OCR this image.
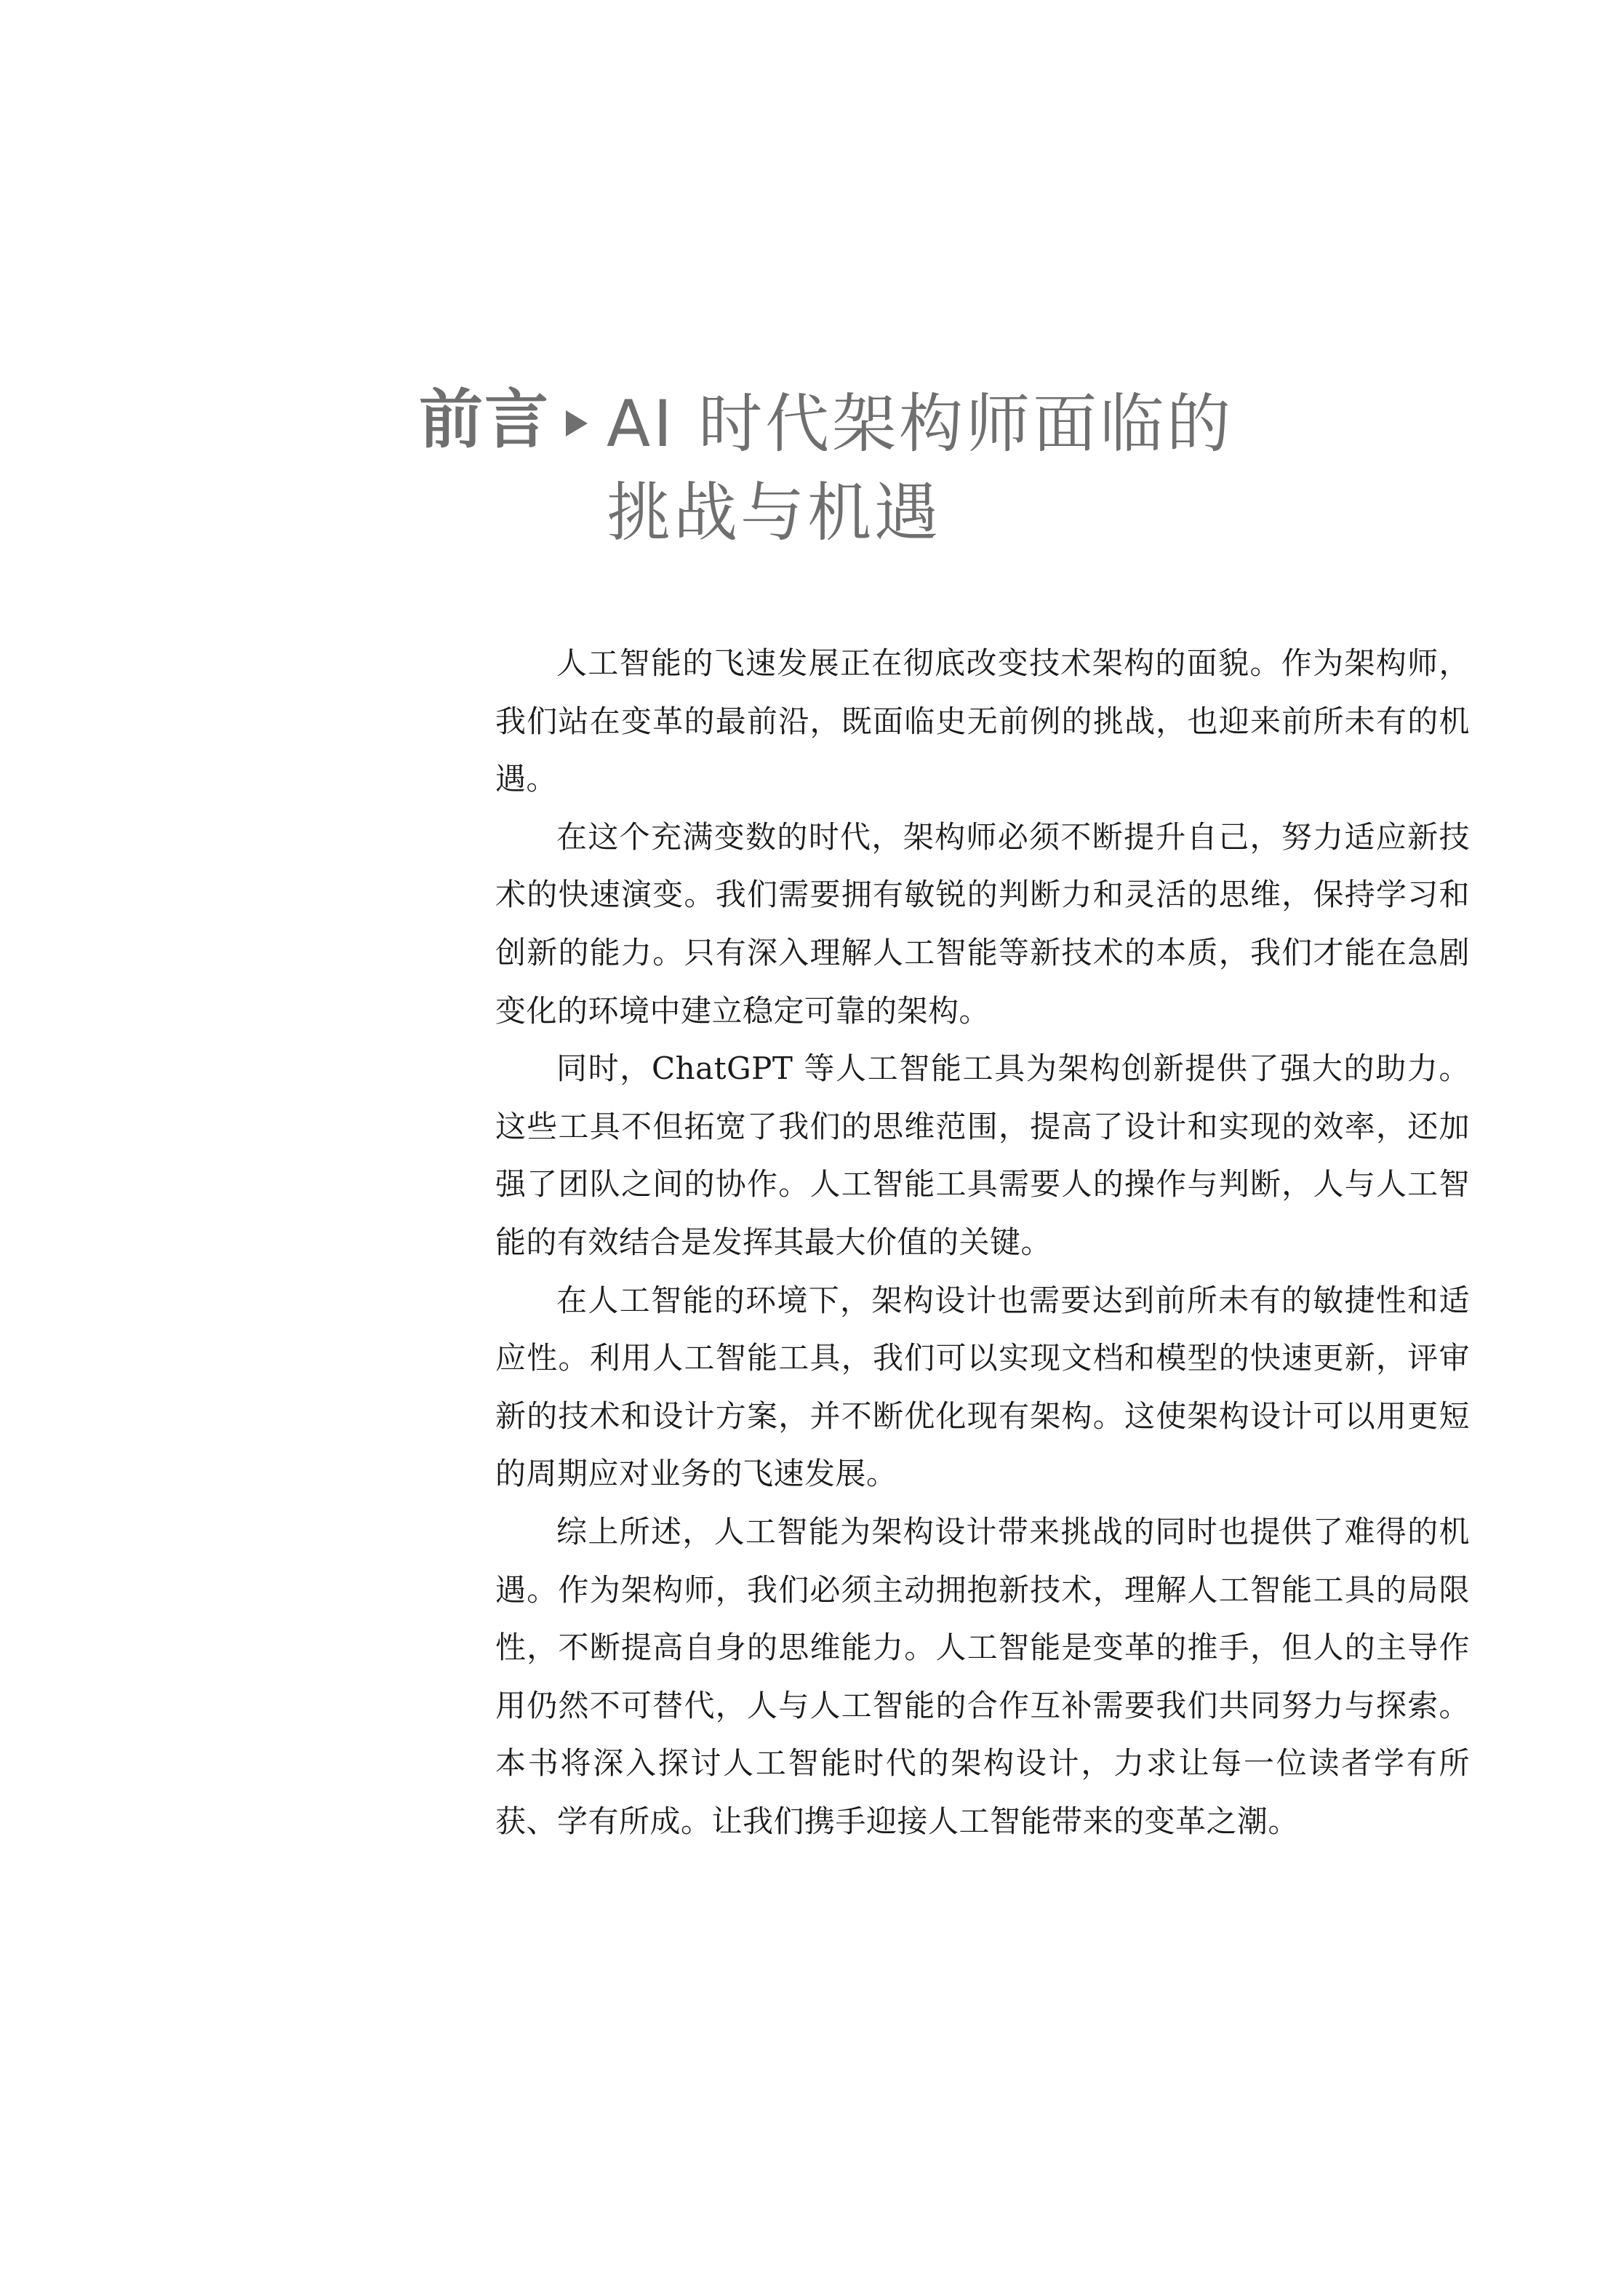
前言 AI 时代架构师面临的
挑战与机遇

人工智能的飞速发展正在彻底改变技术架构的面貌。作为架构师，我们站在变革的最前沿，既面临史无前例的挑战，也迎来前所未有的机遇。

在这个充满变数的时代，架构师必须不断提升自己，努力适应新技术的快速演变。我们需要拥有敏锐的判断力和灵活的思维，保持学习和创新的能力。只有深入理解人工智能等新技术的本质，我们才能在急剧变化的环境中建立稳定可靠的架构。

同时，ChatGPT 等人工智能工具为架构创新提供了强大的助力。这些工具不但拓宽了我们的思维范围，提高了设计和实现的效率，还加强了团队之间的协作。人工智能工具需要人的操作与判断，人与人工智能的有效结合是发挥其最大价值的关键。

在人工智能的环境下，架构设计也需要达到前所未有的敏捷性和适应性。利用人工智能工具，我们可以实现文档和模型的快速更新，评审新的技术和设计方案，并不断优化现有架构。这使架构设计可以用更短的周期应对业务的飞速发展。

综上所述，人工智能为架构设计带来挑战的同时也提供了难得的机遇。作为架构师，我们必须主动拥抱新技术，理解人工智能工具的局限性，不断提高自身的思维能力。人工智能是变革的推手，但人的主导作用仍然不可替代，人与人工智能的合作互补需要我们共同努力与探索。本书将深入探讨人工智能时代的架构设计，力求让每一位读者学有所获、学有所成。让我们携手迎接人工智能带来的变革之潮。
